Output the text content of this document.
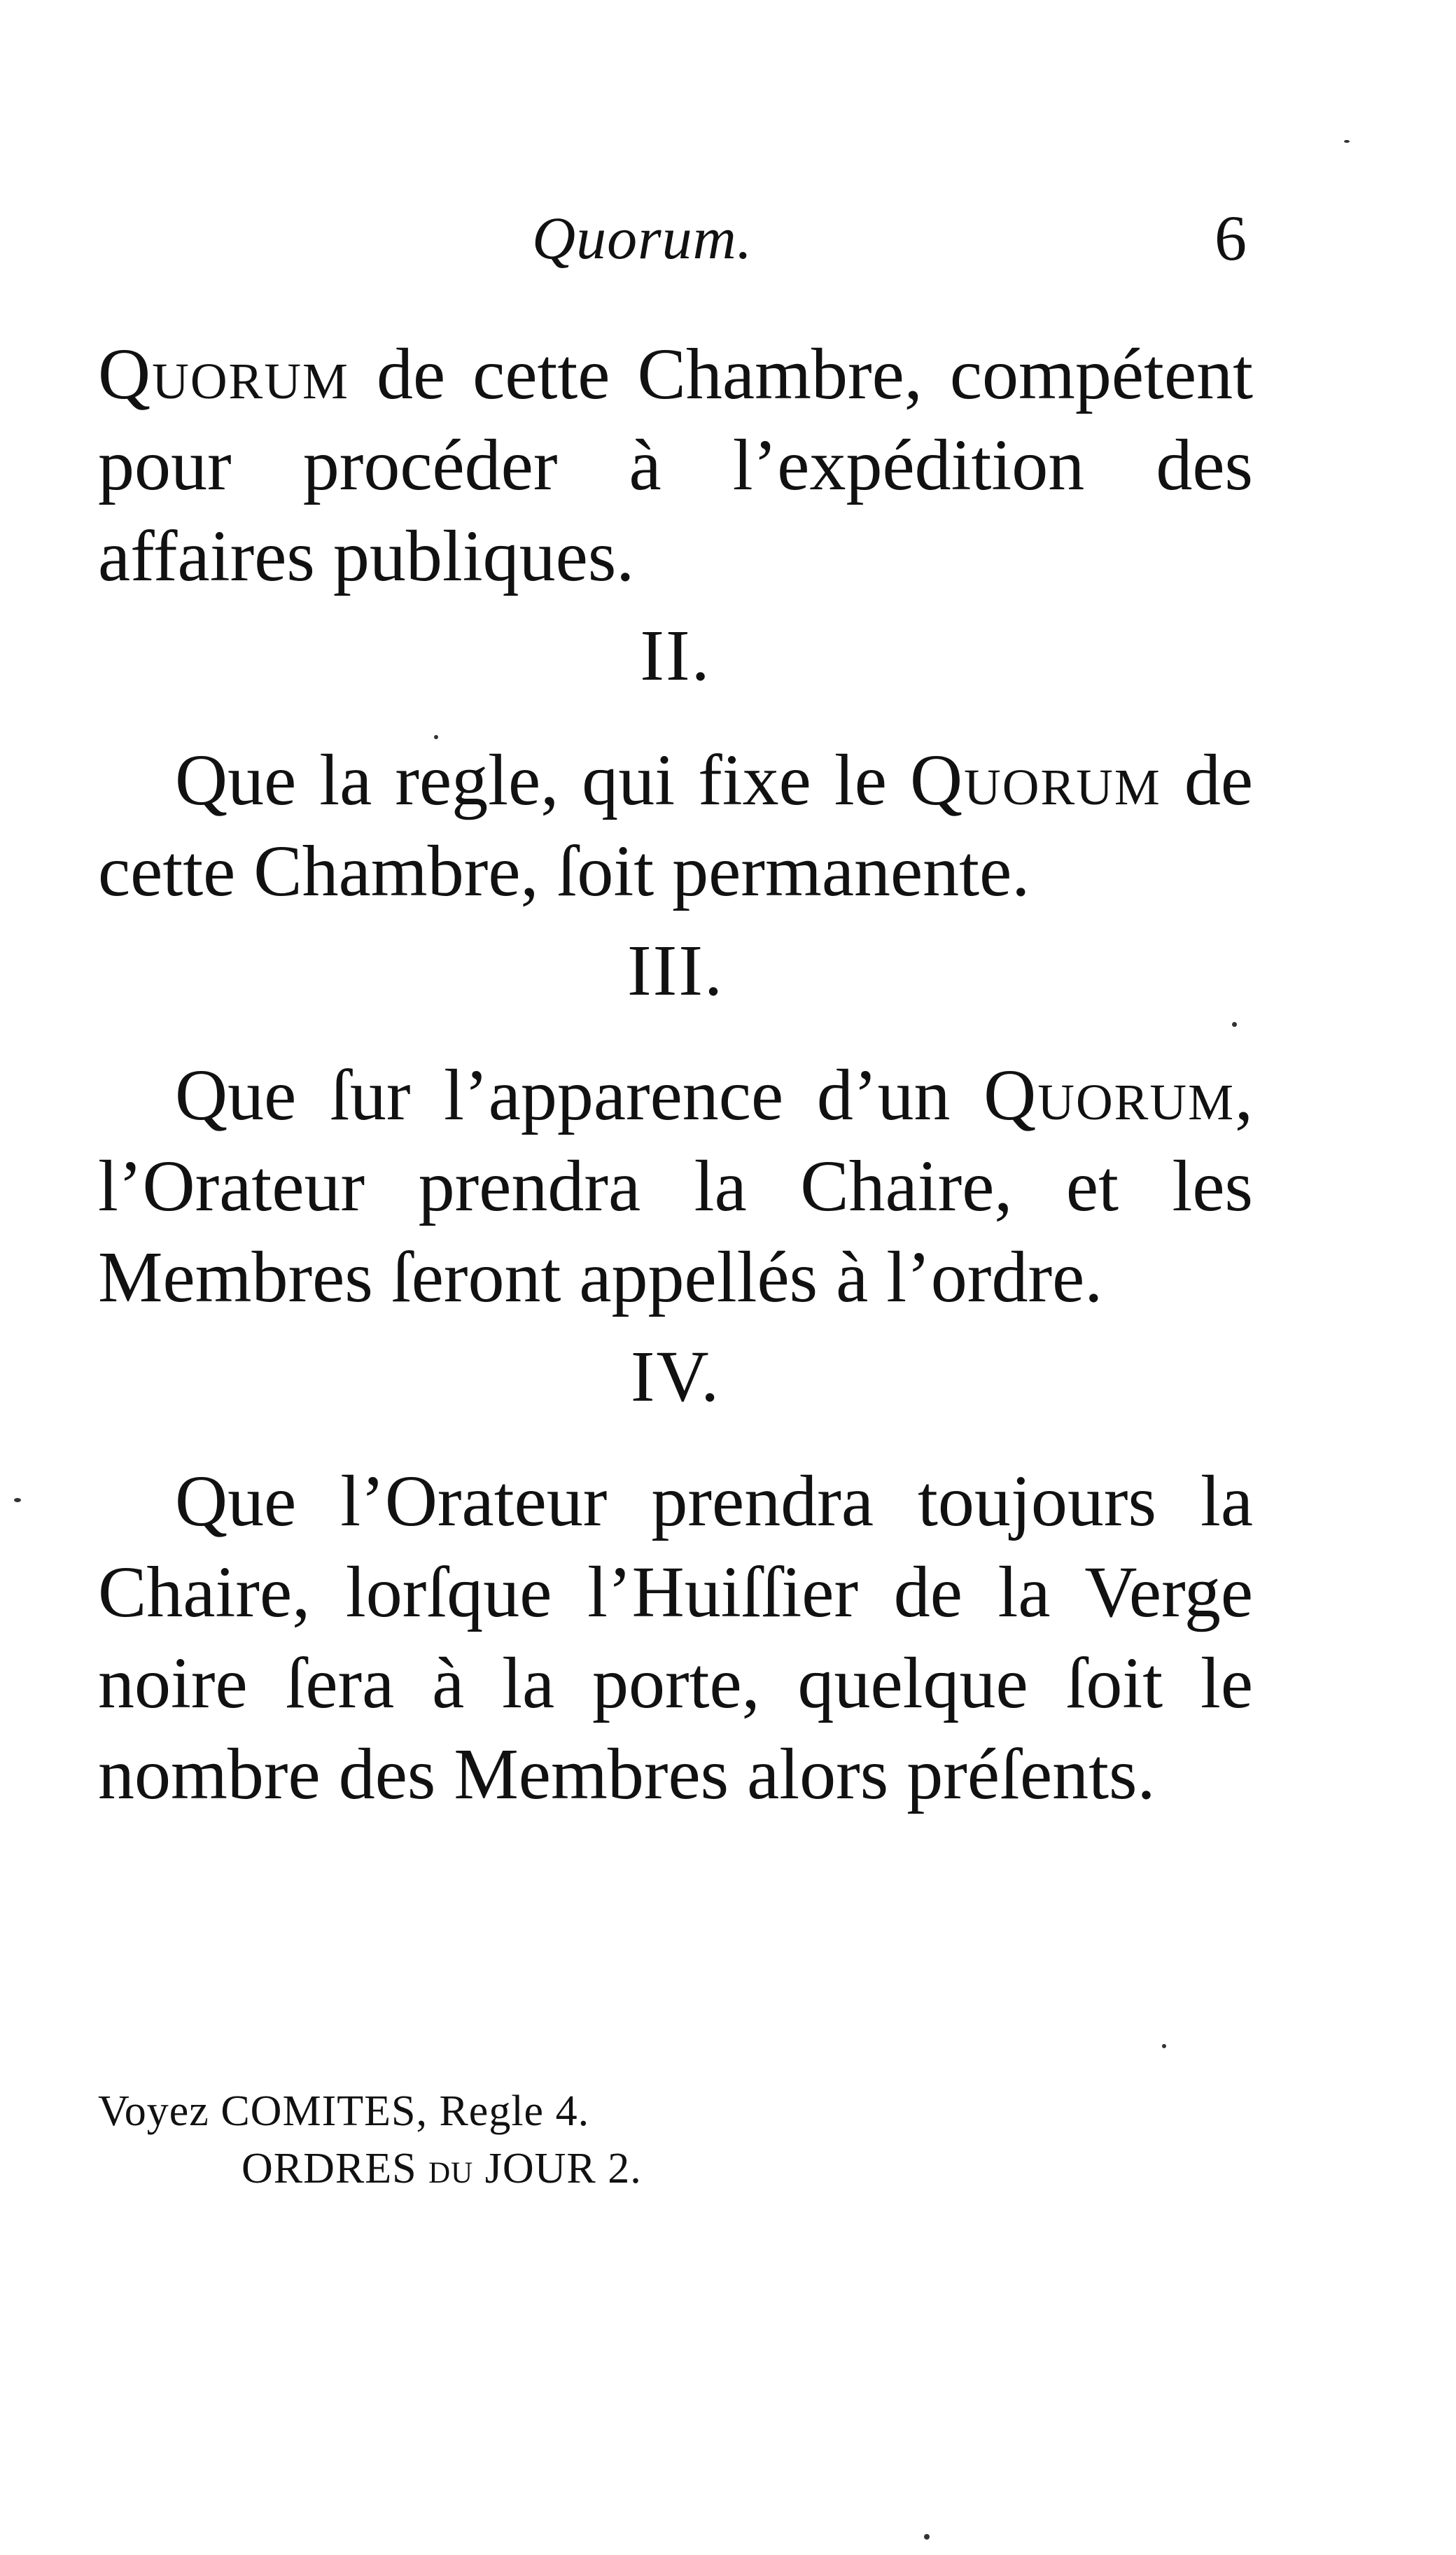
Quorum.	6

Quorum de cette Chambre, compétent pour procéder à l’expédition des affaires publiques.

II.

Que la regle, qui fixe le Quorum de cette Chambre, ſoit permanente.

III.

Que ſur l’apparence d’un Quorum, l’Orateur prendra la Chaire, et les Membres ſeront appellés à l’ordre.

IV.

Que l’Orateur prendra toujours la Chaire, lorſque l’Huiſſier de la Verge noire ſera à la porte, quelque ſoit le nombre des Membres alors préſents.

Voyez COMITES, Regle 4.
ORDRES du JOUR 2.
